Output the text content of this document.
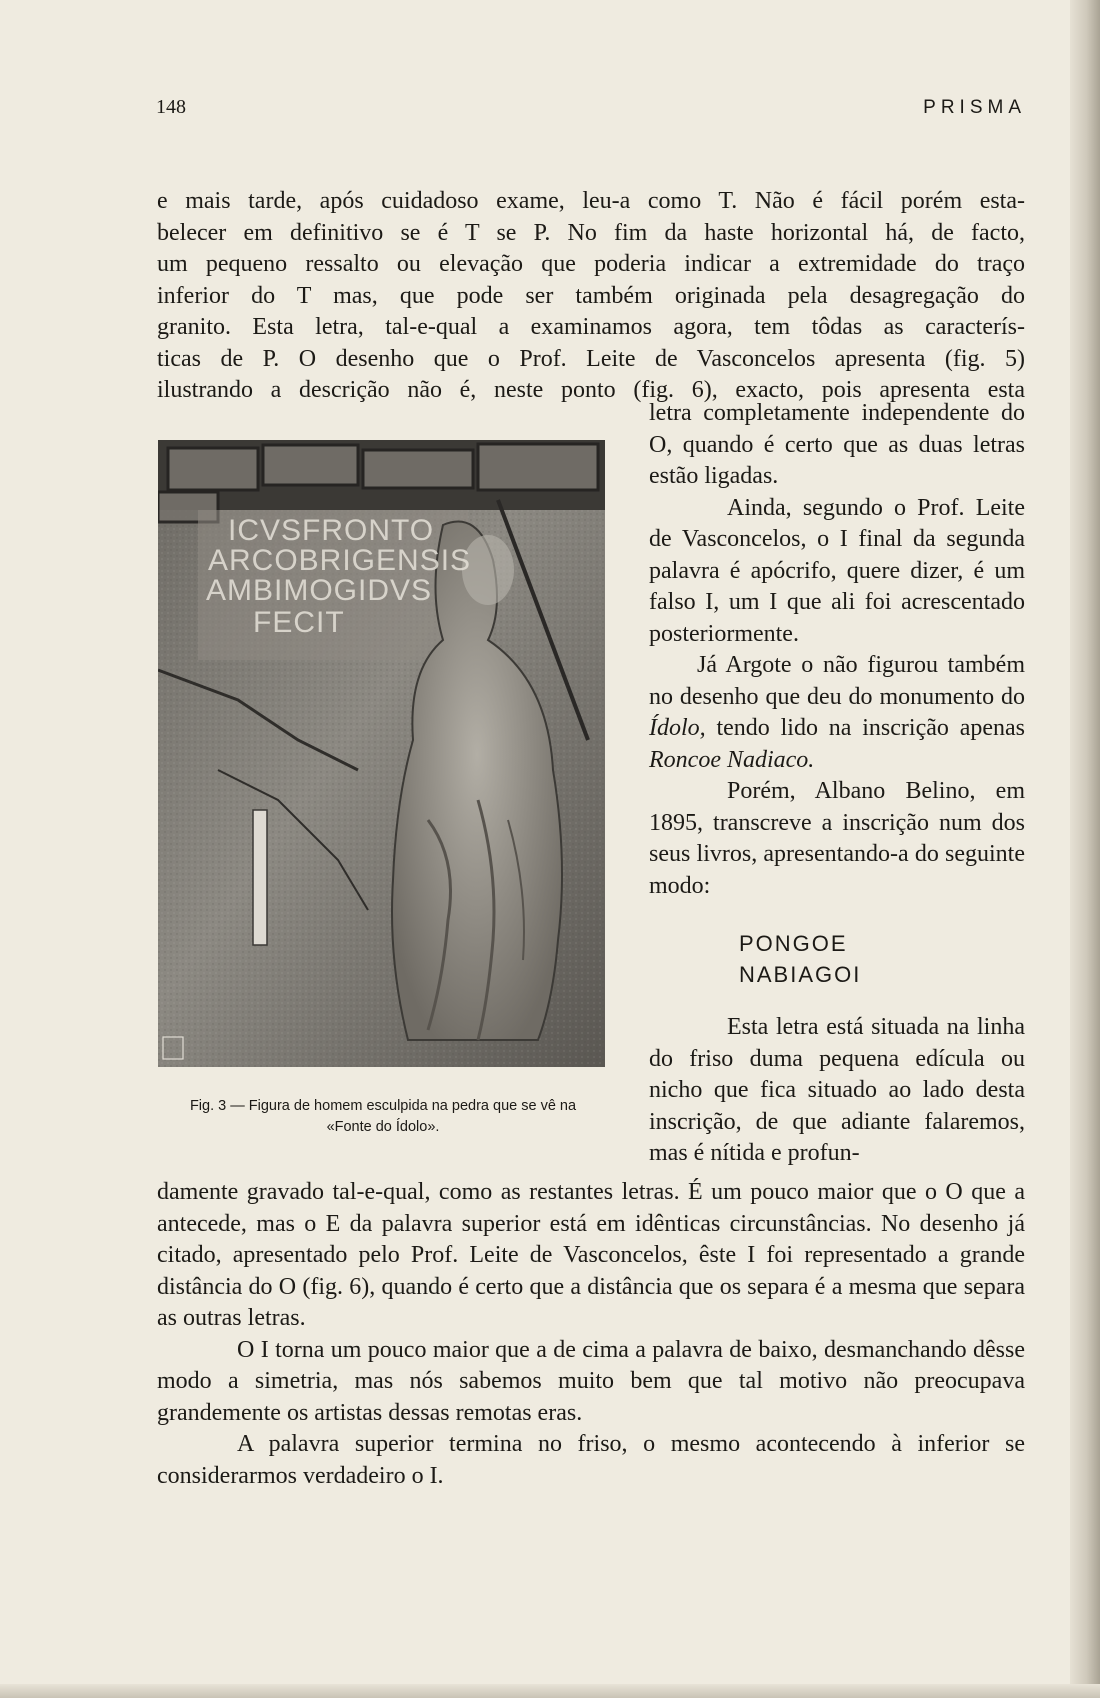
148	PRISMA
e mais tarde, após cuidadoso exame, leu-a como T. Não é fácil porém esta-
belecer em definitivo se é T se P. No fim da haste horizontal há, de facto,
um pequeno ressalto ou elevação que poderia indicar a extremidade do traço
inferior do T mas, que pode ser também originada pela desagregação do
granito. Esta letra, tal-e-qual a examinamos agora, tem tôdas as caracterís-
ticas de P. O desenho que o Prof. Leite de Vasconcelos apresenta (fig. 5)
ilustrando a descrição não é, neste ponto (fig. 6), exacto, pois apresenta esta
ICVSFRONTO
ARCOBRIGENSIS
AMBIMOGIDVS
FECIT
Fig. 3 — Figura de homem esculpida na pedra que se vê na
«Fonte do Ídolo».

letra completamente independente do O, quando é certo que as duas letras estão ligadas.

Ainda, segundo o Prof. Leite de Vasconcelos, o I final da segunda palavra é apócrifo, quere dizer, é um falso I, um I que ali foi acrescentado posteriormente.

Já Argote o não figurou também no desenho que deu do monumento do Ídolo, tendo lido na inscrição apenas Roncoe Nadiaco.

Porém, Albano Belino, em 1895, transcreve a inscrição num dos seus livros, apresentando-a do seguinte modo:

PONGOE
NABIAGOI

Esta letra está situada na linha do friso duma pequena edícula ou nicho que fica situado ao lado desta inscrição, de que adiante falaremos, mas é nítida e profun-

damente gravado tal-e-qual, como as restantes letras. É um pouco maior que o O que a antecede, mas o E da palavra superior está em idênticas circunstâncias. No desenho já citado, apresentado pelo Prof. Leite de Vasconcelos, êste I foi representado a grande distância do O (fig. 6), quando é certo que a distância que os separa é a mesma que separa as outras letras.

O I torna um pouco maior que a de cima a palavra de baixo, desmanchando dêsse modo a simetria, mas nós sabemos muito bem que tal motivo não preocupava grandemente os artistas dessas remotas eras.

A palavra superior termina no friso, o mesmo acontecendo à inferior se considerarmos verdadeiro o I.
